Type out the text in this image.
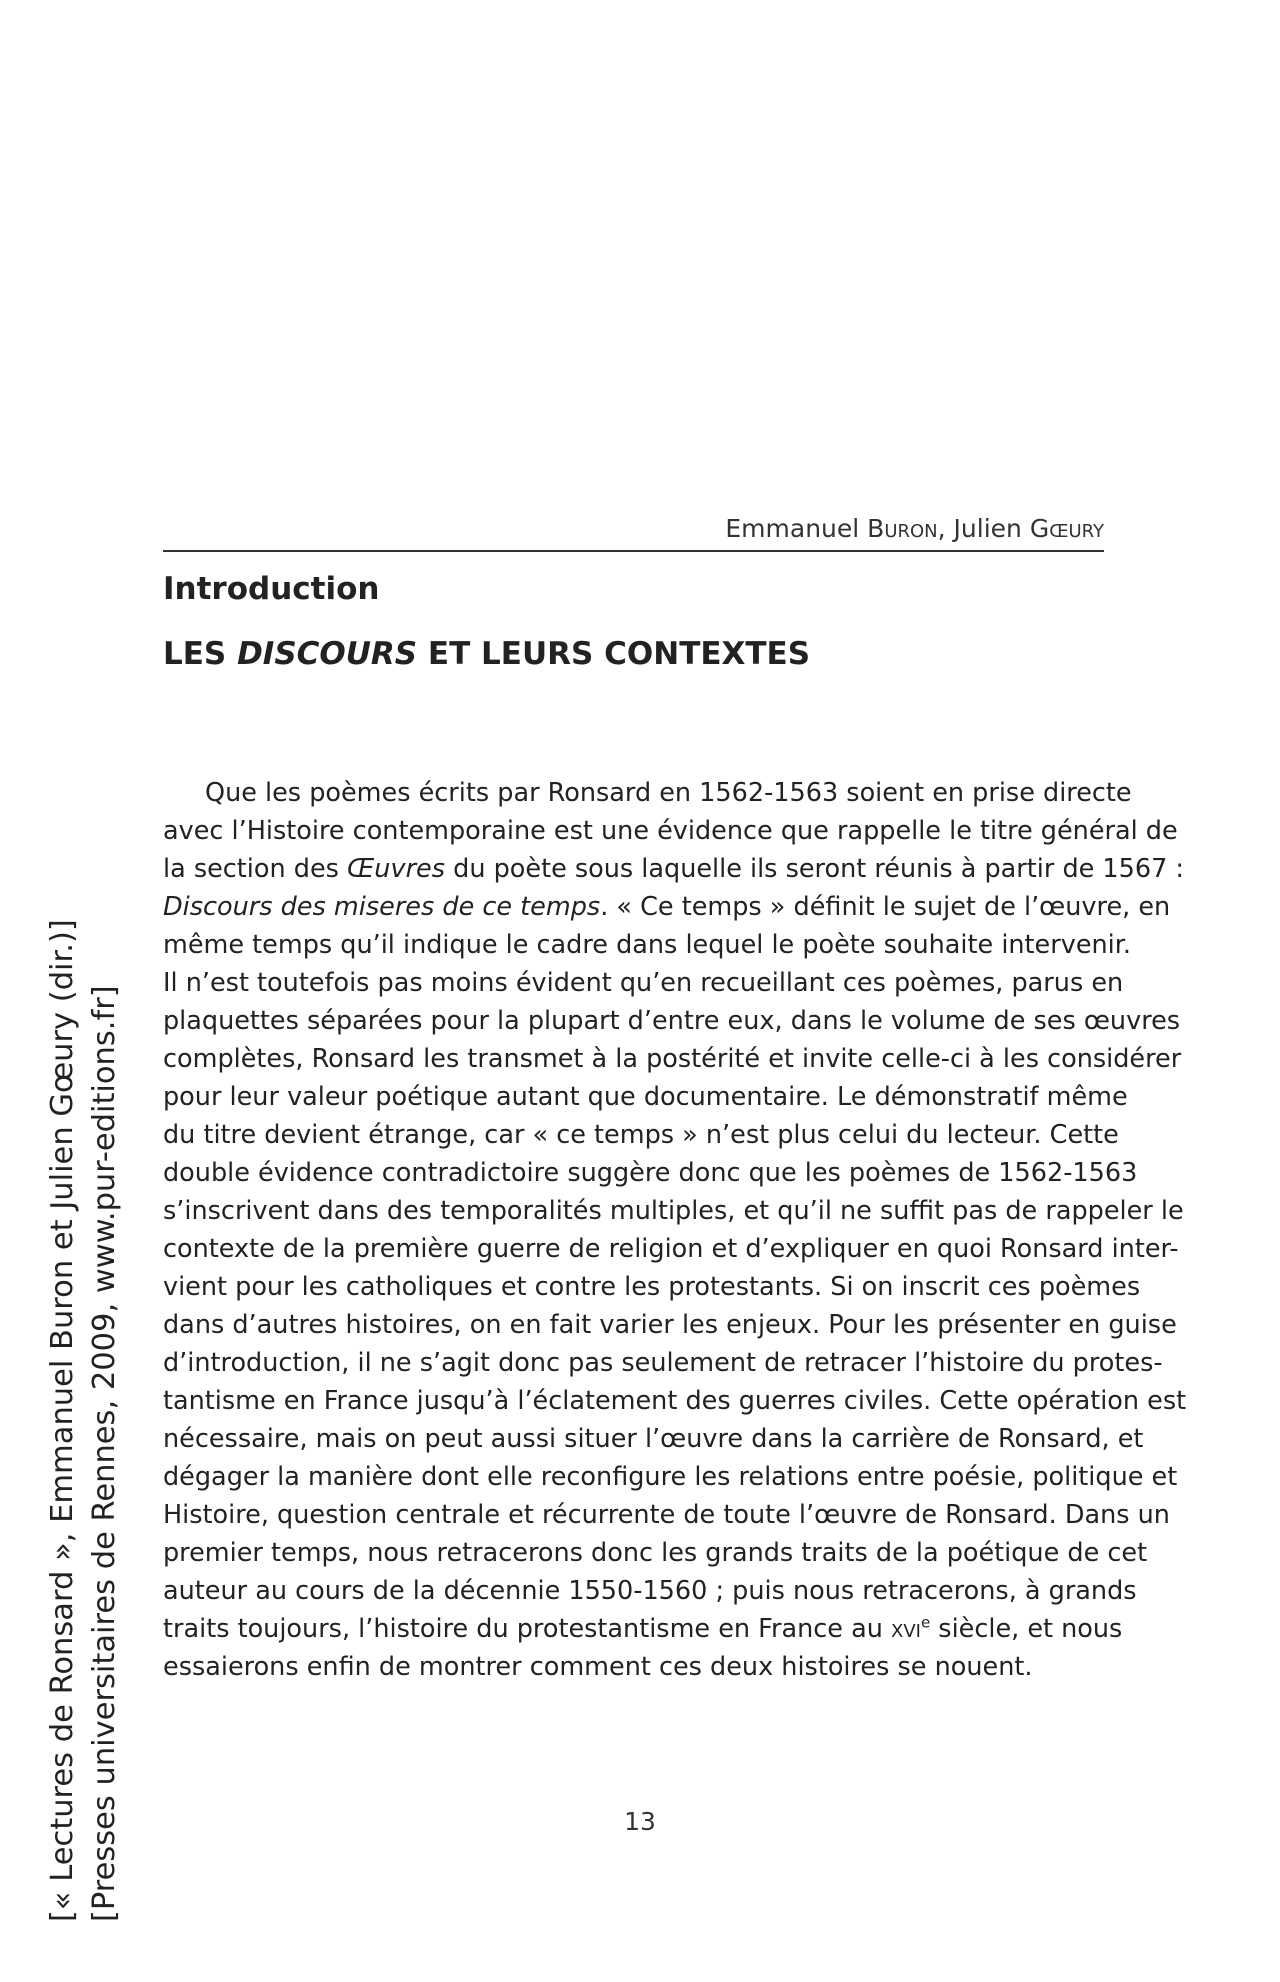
Emmanuel Buron, Julien Gœury
Introduction
LES DISCOURS ET LEURS CONTEXTES
Que les poèmes écrits par Ronsard en 1562-1563 soient en prise directe
avec l’Histoire contemporaine est une évidence que rappelle le titre général de
la section des Œuvres du poète sous laquelle ils seront réunis à partir de 1567 :
Discours des miseres de ce temps. « Ce temps » définit le sujet de l’œuvre, en
même temps qu’il indique le cadre dans lequel le poète souhaite intervenir.
Il n’est toutefois pas moins évident qu’en recueillant ces poèmes, parus en
plaquettes séparées pour la plupart d’entre eux, dans le volume de ses œuvres
complètes, Ronsard les transmet à la postérité et invite celle-ci à les considérer
pour leur valeur poétique autant que documentaire. Le démonstratif même
du titre devient étrange, car « ce temps » n’est plus celui du lecteur. Cette
double évidence contradictoire suggère donc que les poèmes de 1562-1563
s’inscrivent dans des temporalités multiples, et qu’il ne suffit pas de rappeler le
contexte de la première guerre de religion et d’expliquer en quoi Ronsard inter-
vient pour les catholiques et contre les protestants. Si on inscrit ces poèmes
dans d’autres histoires, on en fait varier les enjeux. Pour les présenter en guise
d’introduction, il ne s’agit donc pas seulement de retracer l’histoire du protes-
tantisme en France jusqu’à l’éclatement des guerres civiles. Cette opération est
nécessaire, mais on peut aussi situer l’œuvre dans la carrière de Ronsard, et
dégager la manière dont elle reconfigure les relations entre poésie, politique et
Histoire, question centrale et récurrente de toute l’œuvre de Ronsard. Dans un
premier temps, nous retracerons donc les grands traits de la poétique de cet
auteur au cours de la décennie 1550-1560 ; puis nous retracerons, à grands
traits toujours, l’histoire du protestantisme en France au xvi$^e$ siècle, et nous
essaierons enfin de montrer comment ces deux histoires se nouent.
13
[« Lectures de Ronsard », Emmanuel Buron et Julien Gœury (dir.)] [Presses universitaires de Rennes, 2009, www.pur-editions.fr]
